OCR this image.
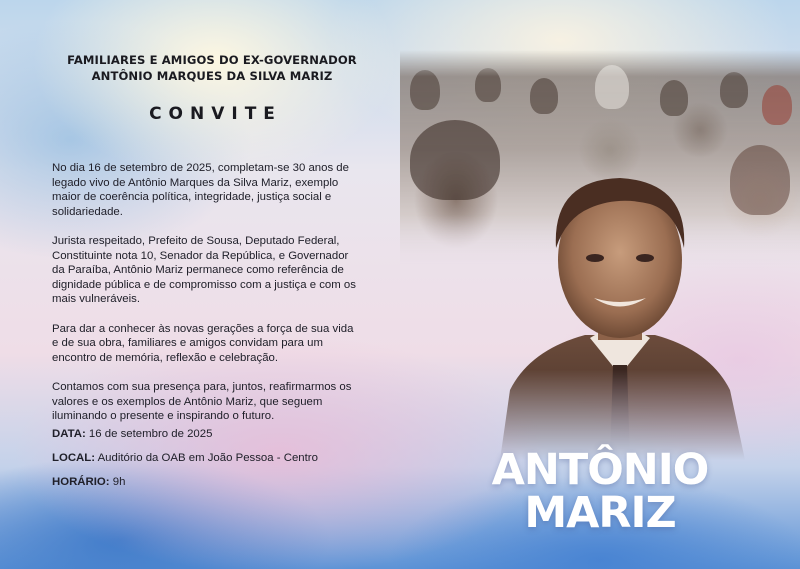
FAMILIARES E AMIGOS DO EX-GOVERNADOR
ANTÔNIO MARQUES DA SILVA MARIZ
CONVITE

No dia 16 de setembro de 2025, completam-se 30 anos de legado vivo de Antônio Marques da Silva Mariz, exemplo maior de coerência política, integridade, justiça social e solidariedade.

Jurista respeitado, Prefeito de Sousa, Deputado Federal, Constituinte nota 10, Senador da República, e Governador da Paraíba, Antônio Mariz permanece como referência de dignidade pública e de compromisso com a justiça e com os mais vulneráveis.

Para dar a conhecer às novas gerações a força de sua vida e de sua obra, familiares e amigos convidam para um encontro de memória, reflexão e celebração.

Contamos com sua presença para, juntos, reafirmarmos os valores e os exemplos de Antônio Mariz, que seguem iluminando o presente e inspirando o futuro.

DATA: 16 de setembro de 2025
LOCAL: Auditório da OAB em João Pessoa - Centro
HORÁRIO: 9h	ANTÔNIO
MARIZ
